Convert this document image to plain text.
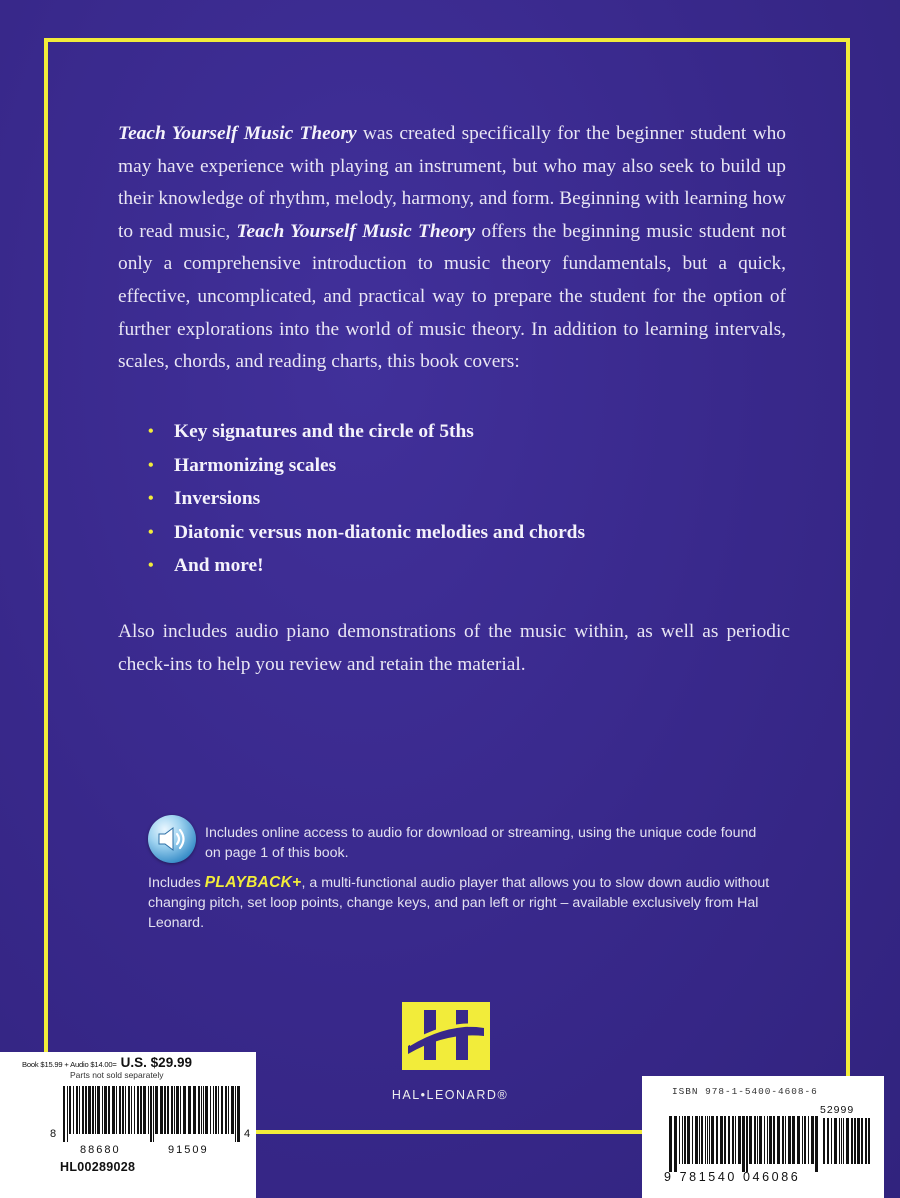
Teach Yourself Music Theory was created specifically for the beginner student who may have experience with playing an instrument, but who may also seek to build up their knowledge of rhythm, melody, harmony, and form. Beginning with learning how to read music, Teach Yourself Music Theory offers the beginning music student not only a comprehensive introduction to music theory fundamentals, but a quick, effective, uncomplicated, and practical way to prepare the student for the option of further explorations into the world of music theory. In addition to learning intervals, scales, chords, and reading charts, this book covers:

•	Key signatures and the circle of 5ths
•	Harmonizing scales
•	Inversions
•	Diatonic versus non-diatonic melodies and chords
•	And more!

Also includes audio piano demonstrations of the music within, as well as periodic check-ins to help you review and retain the material.

Includes online access to audio for download or streaming, using the unique code found on page 1 of this book.

Includes PLAYBACK+, a multi-functional audio player that allows you to slow down audio without changing pitch, set loop points, change keys, and pan left or right – available exclusively from Hal Leonard.

HAL•LEONARD®
Book $15.99 + Audio $14.00= U.S. $29.99
Parts not sold separately
8
88680	91509
4
HL00289028
ISBN 978-1-5400-4608-6
52999
9 781540 046086
